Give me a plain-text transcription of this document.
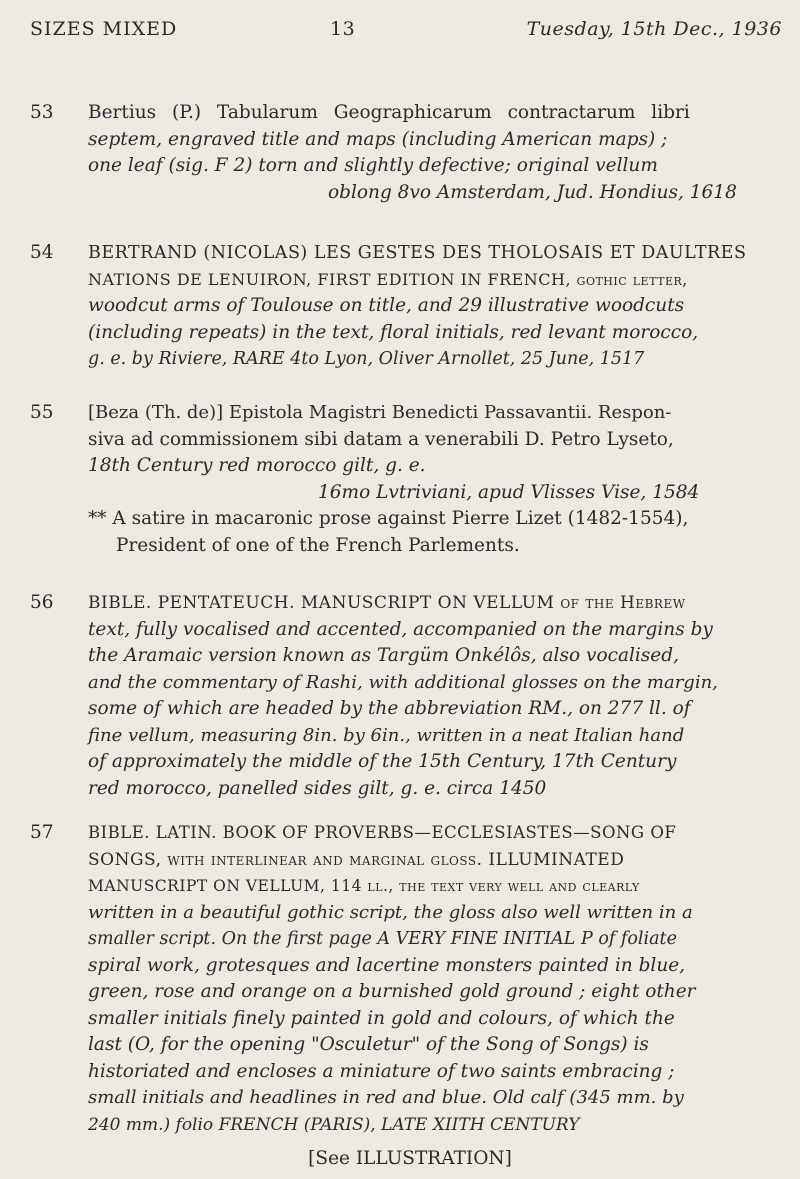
SIZES MIXED	13	Tuesday, 15th Dec., 1936
53	Bertius (P.) Tabularum Geographicarum contractarum libri
septem, engraved title and maps (including American maps) ;
one leaf (sig. F 2) torn and slightly defective; original vellum
oblong 8vo Amsterdam, Jud. Hondius, 1618
54	BERTRAND (NICOLAS) LES GESTES DES THOLOSAIS ET DAULTRES
NATIONS DE LENUIRON, FIRST EDITION IN FRENCH, gothic letter,
woodcut arms of Toulouse on title, and 29 illustrative woodcuts
(including repeats) in the text, floral initials, red levant morocco,
g. e. by Riviere, RARE 4to Lyon, Oliver Arnollet, 25 June, 1517
55	[Beza (Th. de)] Epistola Magistri Benedicti Passavantii. Respon-
siva ad commissionem sibi datam a venerabili D. Petro Lyseto,
18th Century red morocco gilt, g. e.
16mo Lvtriviani, apud Vlisses Vise, 1584
** A satire in macaronic prose against Pierre Lizet (1482-1554),
President of one of the French Parlements.
56	BIBLE. PENTATEUCH. MANUSCRIPT ON VELLUM of the Hebrew
text, fully vocalised and accented, accompanied on the margins by
the Aramaic version known as Targüm Onkélôs, also vocalised,
and the commentary of Rashi, with additional glosses on the margin,
some of which are headed by the abbreviation RM., on 277 ll. of
fine vellum, measuring 8in. by 6in., written in a neat Italian hand
of approximately the middle of the 15th Century, 17th Century
red morocco, panelled sides gilt, g. e. circa 1450
57	BIBLE. LATIN. BOOK OF PROVERBS—ECCLESIASTES—SONG OF
SONGS, with interlinear and marginal gloss. ILLUMINATED
MANUSCRIPT ON VELLUM, 114 ll., the text very well and clearly
written in a beautiful gothic script, the gloss also well written in a
smaller script. On the first page A VERY FINE INITIAL P of foliate
spiral work, grotesques and lacertine monsters painted in blue,
green, rose and orange on a burnished gold ground ; eight other
smaller initials finely painted in gold and colours, of which the
last (O, for the opening "Osculetur" of the Song of Songs) is
historiated and encloses a miniature of two saints embracing ;
small initials and headlines in red and blue. Old calf (345 mm. by
240 mm.) folio FRENCH (PARIS), LATE XIITH CENTURY
[See ILLUSTRATION]
